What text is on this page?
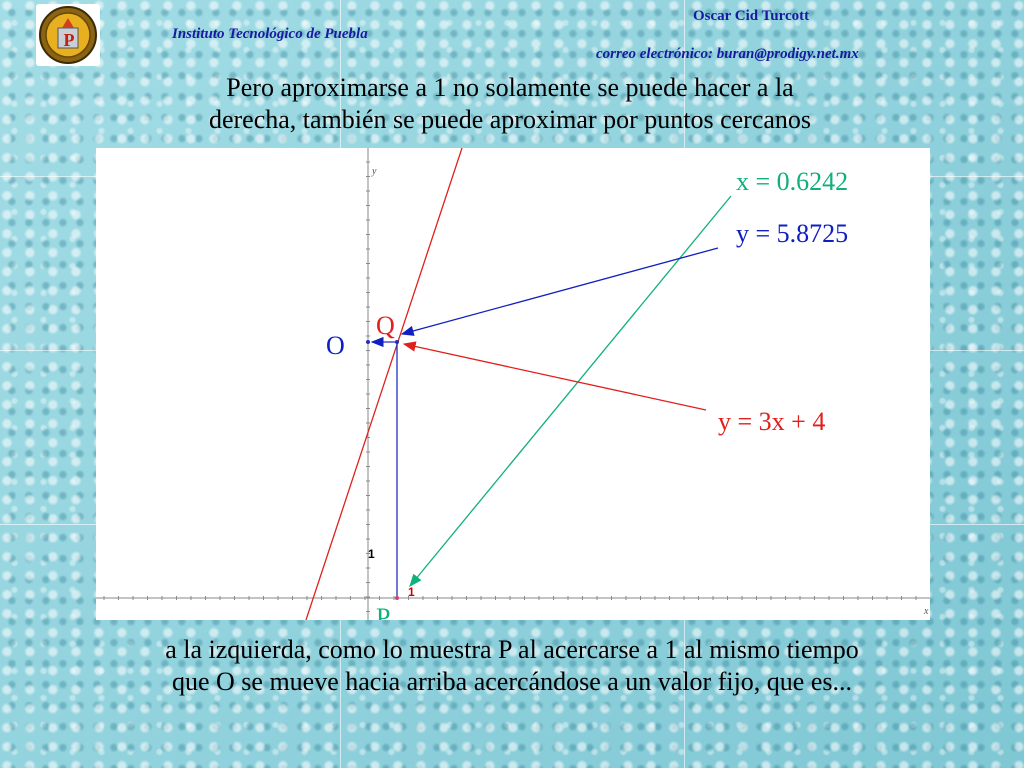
P	Instituto Tecnológico de Puebla
Oscar Cid Turcott
correo electrónico: buran@prodigy.net.mx
Pero aproximarse a 1 no solamente se puede hacer a la
derecha, también se puede aproximar por puntos cercanos
y
x
1
1
x = 0.6242
y = 5.8725
y = 3x + 4
Q
O
P
a la izquierda, como lo muestra P al acercarse a 1 al mismo tiempo
que O se mueve hacia arriba acercándose a un valor fijo, que es...
